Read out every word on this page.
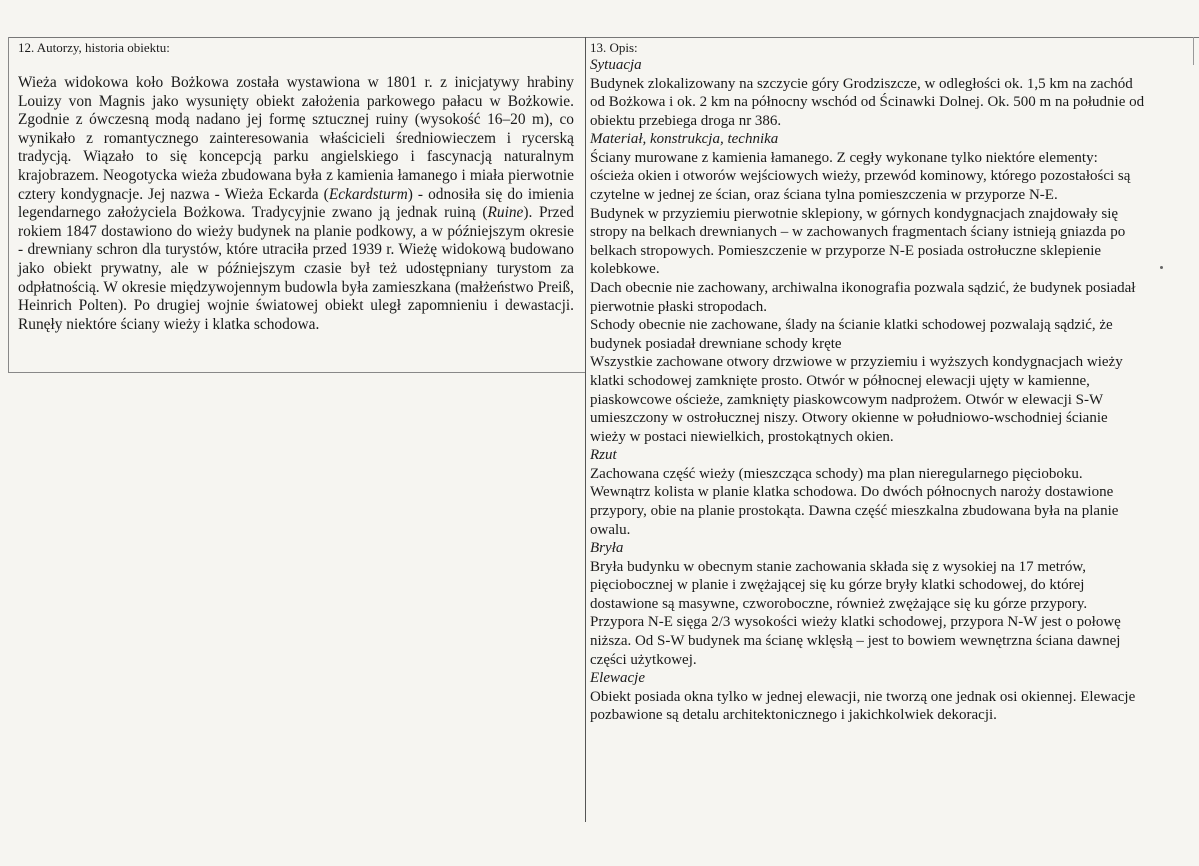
12. Autorzy, historia obiektu:

Wieża widokowa koło Bożkowa została wystawiona w 1801 r. z inicjatywy hrabiny Louizy von Magnis jako wysunięty obiekt założenia parkowego pałacu w Bożkowie. Zgodnie z ówczesną modą nadano jej formę sztucznej ruiny (wysokość 16–20 m), co wynikało z romantycznego zainteresowania właścicieli średniowieczem i rycerską tradycją. Wiązało to się koncepcją parku angielskiego i fascynacją naturalnym krajobrazem. Neogotycka wieża zbudowana była z kamienia łamanego i miała pierwotnie cztery kondygnacje. Jej nazwa - Wieża Eckarda (Eckardsturm) - odnosiła się do imienia legendarnego założyciela Bożkowa. Tradycyjnie zwano ją jednak ruiną (Ruine). Przed rokiem 1847 dostawiono do wieży budynek na planie podkowy, a w późniejszym okresie - drewniany schron dla turystów, które utraciła przed 1939 r. Wieżę widokową budowano jako obiekt prywatny, ale w późniejszym czasie był też udostępniany turystom za odpłatnością. W okresie międzywojennym budowla była zamieszkana (małżeństwo Preiß, Heinrich Polten). Po drugiej wojnie światowej obiekt uległ zapomnieniu i dewastacji. Runęły niektóre ściany wieży i klatka schodowa.

13. Opis:

Sytuacja

Budynek zlokalizowany na szczycie góry Grodziszcze, w odległości ok. 1,5 km na zachód od Bożkowa i ok. 2 km na północny wschód od Ścinawki Dolnej. Ok. 500 m na południe od obiektu przebiega droga nr 386.

Materiał, konstrukcja, technika

Ściany murowane z kamienia łamanego. Z cegły wykonane tylko niektóre elementy: ościeża okien i otworów wejściowych wieży, przewód kominowy, którego pozostałości są czytelne w jednej ze ścian, oraz ściana tylna pomieszczenia w przyporze N-E.

Budynek w przyziemiu pierwotnie sklepiony, w górnych kondygnacjach znajdowały się stropy na belkach drewnianych – w zachowanych fragmentach ściany istnieją gniazda po belkach stropowych. Pomieszczenie w przyporze N-E posiada ostrołuczne sklepienie kolebkowe.

Dach obecnie nie zachowany, archiwalna ikonografia pozwala sądzić, że budynek posiadał pierwotnie płaski stropodach.

Schody obecnie nie zachowane, ślady na ścianie klatki schodowej pozwalają sądzić, że budynek posiadał drewniane schody kręte

Wszystkie zachowane otwory drzwiowe w przyziemiu i wyższych kondygnacjach wieży klatki schodowej zamknięte prosto. Otwór w północnej elewacji ujęty w kamienne, piaskowcowe ościeże, zamknięty piaskowcowym nadprożem. Otwór w elewacji S-W umieszczony w ostrołucznej niszy. Otwory okienne w południowo-wschodniej ścianie wieży w postaci niewielkich, prostokątnych okien.

Rzut

Zachowana część wieży (mieszcząca schody) ma plan nieregularnego pięcioboku. Wewnątrz kolista w planie klatka schodowa. Do dwóch północnych naroży dostawione przypory, obie na planie prostokąta. Dawna część mieszkalna zbudowana była na planie owalu.

Bryła

Bryła budynku w obecnym stanie zachowania składa się z wysokiej na 17 metrów, pięciobocznej w planie i zwężającej się ku górze bryły klatki schodowej, do której dostawione są masywne, czworoboczne, również zwężające się ku górze przypory. Przypora N-E sięga 2/3 wysokości wieży klatki schodowej, przypora N-W jest o połowę niższa. Od S-W budynek ma ścianę wklęsłą – jest to bowiem wewnętrzna ściana dawnej części użytkowej.

Elewacje

Obiekt posiada okna tylko w jednej elewacji, nie tworzą one jednak osi okiennej. Elewacje pozbawione są detalu architektonicznego i jakichkolwiek dekoracji.
